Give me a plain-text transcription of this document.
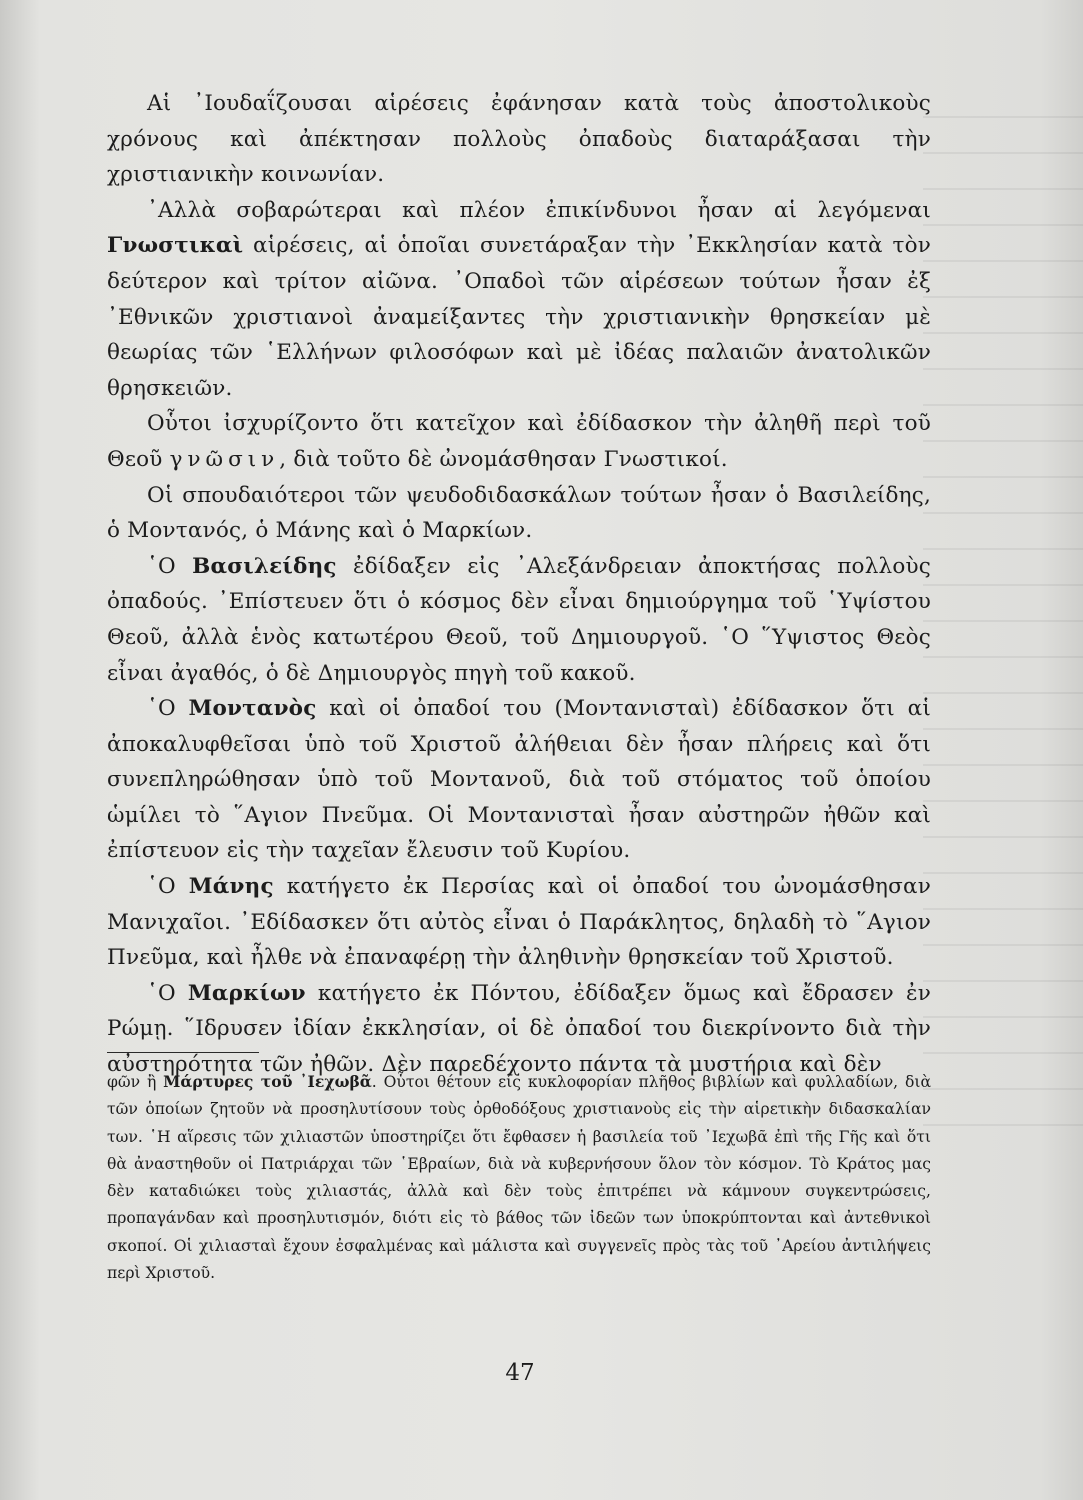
Αἱ ᾿Ιουδαΐζουσαι αἱρέσεις ἐφάνησαν κατὰ τοὺς ἀποστολικοὺς χρόνους καὶ ἀπέκτησαν πολλοὺς ὀπαδοὺς διαταράξασαι τὴν χριστιανικὴν κοινωνίαν.

᾿Αλλὰ σοβαρώτεραι καὶ πλέον ἐπικίνδυνοι ἦσαν αἱ λεγόμεναι Γνωστικαὶ αἱρέσεις, αἱ ὁποῖαι συνετάραξαν τὴν ᾿Εκκλησίαν κατὰ τὸν δεύτερον καὶ τρίτον αἰῶνα. ᾿Οπαδοὶ τῶν αἱρέσεων τούτων ἦσαν ἐξ ᾿Εθνικῶν χριστιανοὶ ἀναμείξαντες τὴν χριστιανικὴν θρησκείαν μὲ θεωρίας τῶν ῾Ελλήνων φιλοσόφων καὶ μὲ ἰδέας παλαιῶν ἀνατολικῶν θρησκειῶν.

Οὗτοι ἰσχυρίζοντο ὅτι κατεῖχον καὶ ἐδίδασκον τὴν ἀληθῆ περὶ τοῦ Θεοῦ γνῶσιν, διὰ τοῦτο δὲ ὠνομάσθησαν Γνωστικοί.

Οἱ σπουδαιότεροι τῶν ψευδοδιδασκάλων τούτων ἦσαν ὁ Βασιλείδης, ὁ Μοντανός, ὁ Μάνης καὶ ὁ Μαρκίων.

῾Ο Βασιλείδης ἐδίδαξεν εἰς ᾿Αλεξάνδρειαν ἀποκτήσας πολλοὺς ὀπαδούς. ᾿Επίστευεν ὅτι ὁ κόσμος δὲν εἶναι δημιούργημα τοῦ ῾Υψίστου Θεοῦ, ἀλλὰ ἑνὸς κατωτέρου Θεοῦ, τοῦ Δημιουργοῦ. ῾Ο ῞Υψιστος Θεὸς εἶναι ἀγαθός, ὁ δὲ Δημιουργὸς πηγὴ τοῦ κακοῦ.

῾Ο Μοντανὸς καὶ οἱ ὀπαδοί του (Μοντανισταὶ) ἐδίδασκον ὅτι αἱ ἀποκαλυφθεῖσαι ὑπὸ τοῦ Χριστοῦ ἀλήθειαι δὲν ἦσαν πλήρεις καὶ ὅτι συνεπληρώθησαν ὑπὸ τοῦ Μοντανοῦ, διὰ τοῦ στόματος τοῦ ὁποίου ὡμίλει τὸ ῞Αγιον Πνεῦμα. Οἱ Μοντανισταὶ ἦσαν αὐστηρῶν ἠθῶν καὶ ἐπίστευον εἰς τὴν ταχεῖαν ἔλευσιν τοῦ Κυρίου.

῾Ο Μάνης κατήγετο ἐκ Περσίας καὶ οἱ ὀπαδοί του ὠνομάσθησαν Μανιχαῖοι. ᾿Εδίδασκεν ὅτι αὐτὸς εἶναι ὁ Παράκλητος, δηλαδὴ τὸ ῞Αγιον Πνεῦμα, καὶ ἦλθε νὰ ἐπαναφέρῃ τὴν ἀληθινὴν θρησκείαν τοῦ Χριστοῦ.

῾Ο Μαρκίων κατήγετο ἐκ Πόντου, ἐδίδαξεν ὅμως καὶ ἔδρασεν ἐν Ρώμῃ. ῞Ιδρυσεν ἰδίαν ἐκκλησίαν, οἱ δὲ ὀπαδοί του διεκρίνοντο διὰ τὴν αὐστηρότητα τῶν ἠθῶν. Δὲν παρεδέχοντο πάντα τὰ μυστήρια καὶ δὲν

φῶν ἢ Μάρτυρες τοῦ ᾿Ιεχωβᾶ. Οὗτοι θέτουν εἰς κυκλοφορίαν πλῆθος βιβλίων καὶ φυλλαδίων, διὰ τῶν ὁποίων ζητοῦν νὰ προσηλυτίσουν τοὺς ὀρθοδόξους χριστιανοὺς εἰς τὴν αἱρετικὴν διδασκαλίαν των. ῾Η αἵρεσις τῶν χιλιαστῶν ὑποστηρίζει ὅτι ἔφθασεν ἡ βασιλεία τοῦ ᾿Ιεχωβᾶ ἐπὶ τῆς Γῆς καὶ ὅτι θὰ ἀναστηθοῦν οἱ Πατριάρχαι τῶν ῾Εβραίων, διὰ νὰ κυβερνήσουν ὅλον τὸν κόσμον. Τὸ Κράτος μας δὲν καταδιώκει τοὺς χιλιαστάς, ἀλλὰ καὶ δὲν τοὺς ἐπιτρέπει νὰ κάμνουν συγκεντρώσεις, προπαγάνδαν καὶ προσηλυτισμόν, διότι εἰς τὸ βάθος τῶν ἰδεῶν των ὑποκρύπτονται καὶ ἀντεθνικοὶ σκοποί. Οἱ χιλιασταὶ ἔχουν ἐσφαλμένας καὶ μάλιστα καὶ συγγενεῖς πρὸς τὰς τοῦ ᾿Αρείου ἀντιλήψεις περὶ Χριστοῦ.

47
